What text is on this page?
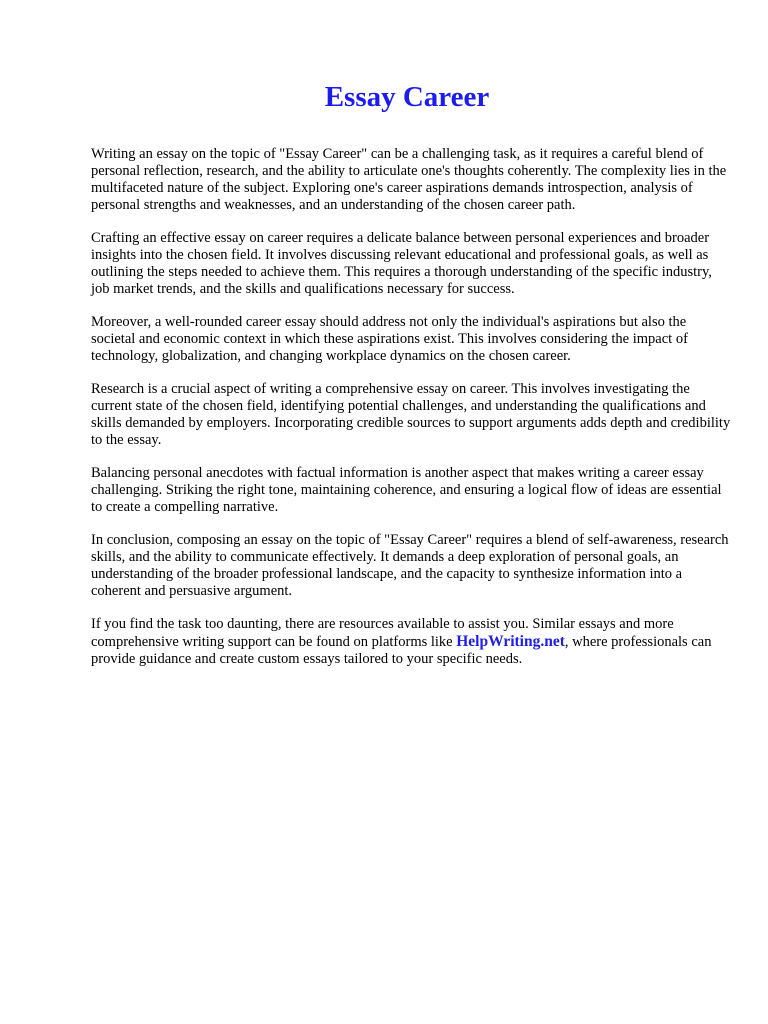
Essay Career

Writing an essay on the topic of "Essay Career" can be a challenging task, as it requires a careful blend of personal reflection, research, and the ability to articulate one's thoughts coherently. The complexity lies in the multifaceted nature of the subject. Exploring one's career aspirations demands introspection, analysis of personal strengths and weaknesses, and an understanding of the chosen career path.

Crafting an effective essay on career requires a delicate balance between personal experiences and broader insights into the chosen field. It involves discussing relevant educational and professional goals, as well as outlining the steps needed to achieve them. This requires a thorough understanding of the specific industry, job market trends, and the skills and qualifications necessary for success.

Moreover, a well-rounded career essay should address not only the individual's aspirations but also the societal and economic context in which these aspirations exist. This involves considering the impact of technology, globalization, and changing workplace dynamics on the chosen career.

Research is a crucial aspect of writing a comprehensive essay on career. This involves investigating the current state of the chosen field, identifying potential challenges, and understanding the qualifications and skills demanded by employers. Incorporating credible sources to support arguments adds depth and credibility to the essay.

Balancing personal anecdotes with factual information is another aspect that makes writing a career essay challenging. Striking the right tone, maintaining coherence, and ensuring a logical flow of ideas are essential to create a compelling narrative.

In conclusion, composing an essay on the topic of "Essay Career" requires a blend of self-awareness, research skills, and the ability to communicate effectively. It demands a deep exploration of personal goals, an understanding of the broader professional landscape, and the capacity to synthesize information into a coherent and persuasive argument.

If you find the task too daunting, there are resources available to assist you. Similar essays and more comprehensive writing support can be found on platforms like HelpWriting.net, where professionals can provide guidance and create custom essays tailored to your specific needs.
